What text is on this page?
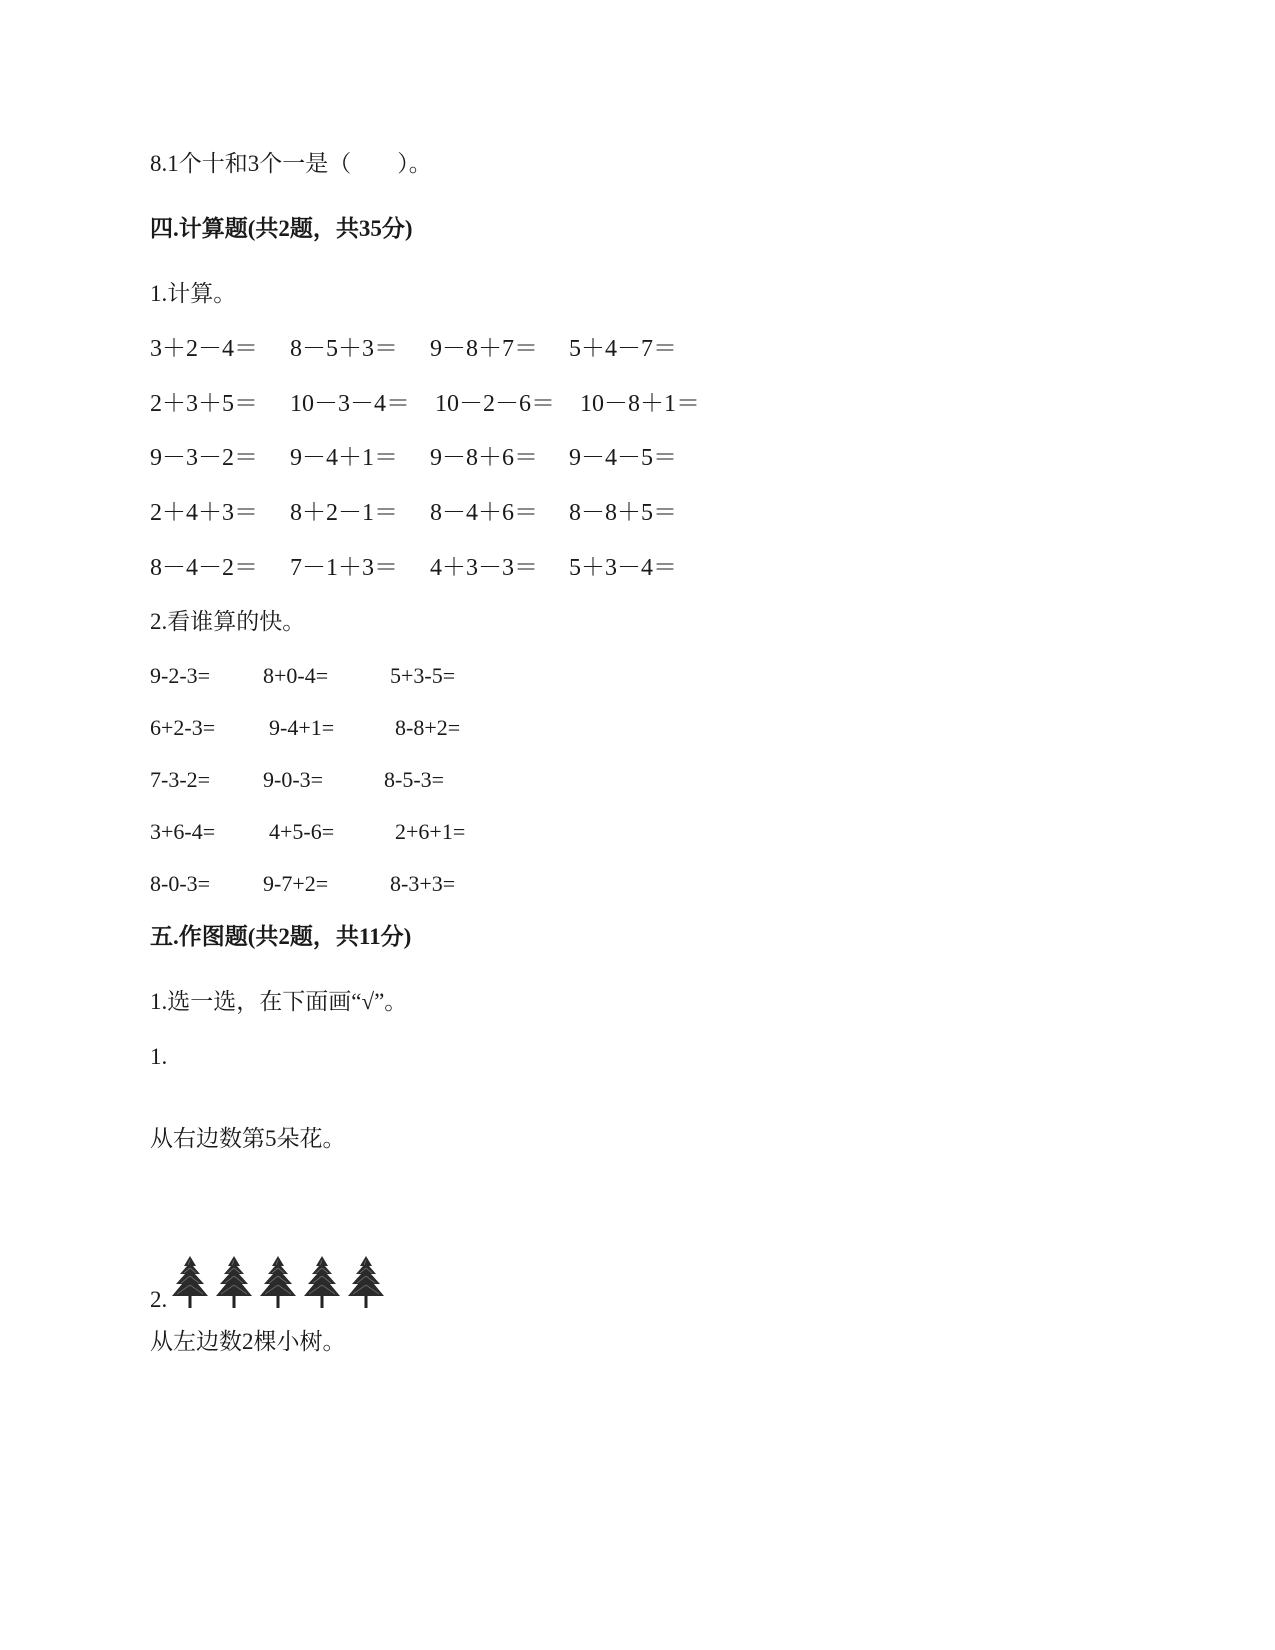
8.1个十和3个一是（　　）。
四.计算题(共2题，共35分)
1.计算。
3＋2－4＝ 8－5＋3＝ 9－8＋7＝ 5＋4－7＝
2＋3＋5＝ 10－3－4＝ 10－2－6＝ 10－8＋1＝
9－3－2＝ 9－4＋1＝ 9－8＋6＝ 9－4－5＝
2＋4＋3＝ 8＋2－1＝ 8－4＋6＝ 8－8＋5＝
8－4－2＝ 7－1＋3＝ 4＋3－3＝ 5＋3－4＝
2.看谁算的快。
9-2-3= 8+0-4=	5+3-5=
6+2-3= 9-4+1=	8-8+2=
7-3-2= 9-0-3=	8-5-3=
3+6-4= 4+5-6=	2+6+1=
8-0-3= 9-7+2=	8-3+3=
五.作图题(共2题，共11分)
1.选一选，在下面画“√”。
1.
从右边数第5朵花。
2.
从左边数2棵小树。
